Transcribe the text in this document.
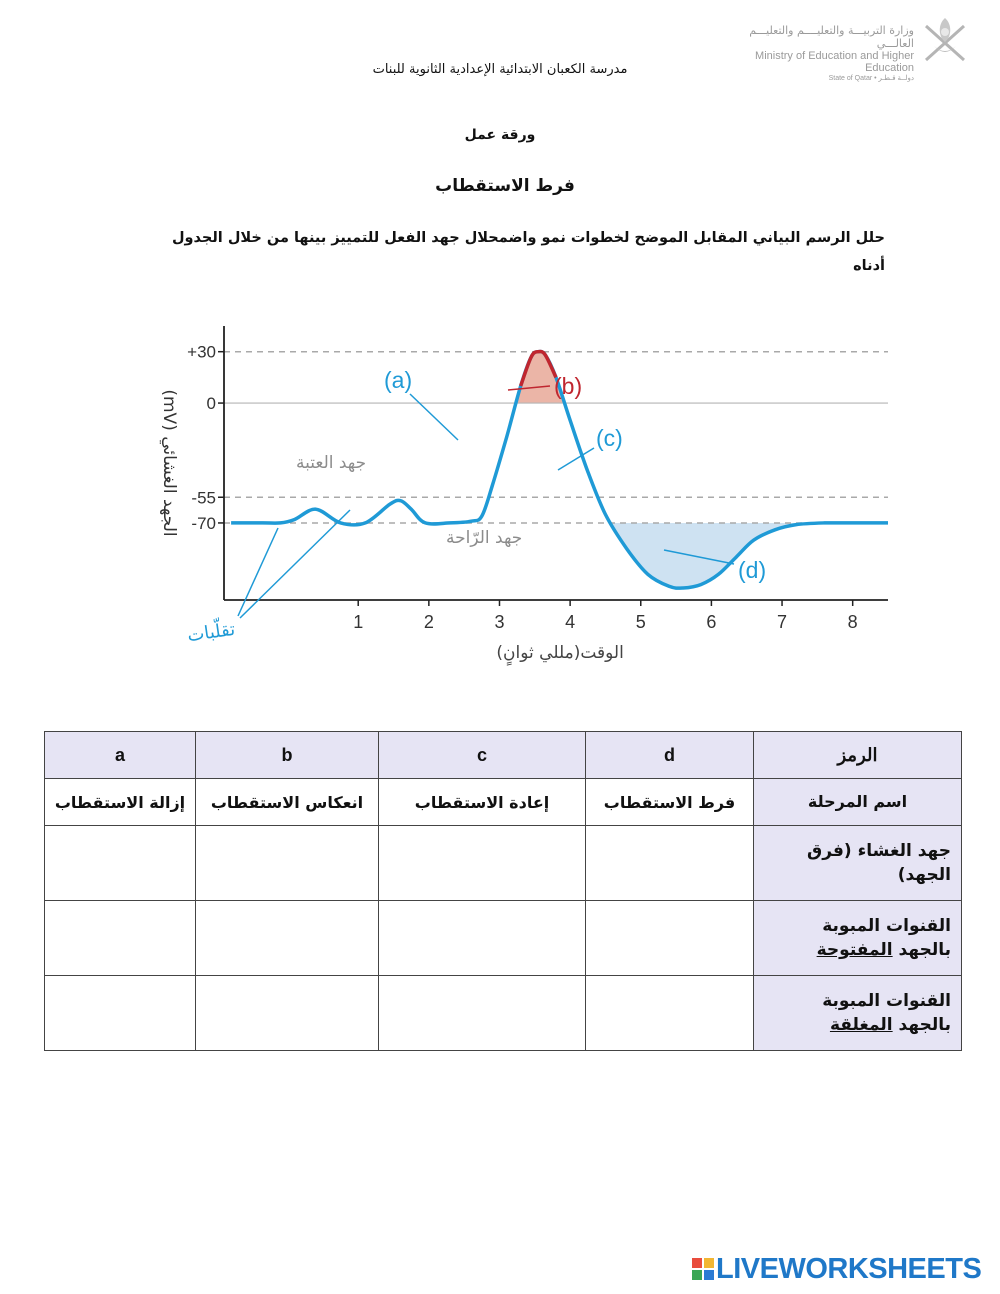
وزارة التربيـــة والتعليــــم والتعليـــم العالـــي
Ministry of Education and Higher Education
State of Qatar • دولــة قـطـر
مدرسة الكعبان الابتدائية الإعدادية الثانوية للبنات
ورقة عمل
فرط الاستقطاب
حلل الرسم البياني المقابل الموضح لخطوات نمو واضمحلال جهد الفعل للتمييز بينها من خلال الجدول أدناه
+30
0
-55
-70
1	2	3	4	5	6	7	8
الجهد الغشائي (mV)
الوقت(مللي ثوانٍ)
(a)	(b)
(c)
(d)
جهد العتبة
جهد الرّاحة
تقلّبات
a	b	c	d	الرمز
إزالة الاستقطاب	انعكاس الاستقطاب	إعادة الاستقطاب	فرط الاستقطاب	اسم المرحلة
				جهد الغشاء (فرق الجهد)
				القنوات المبوبة بالجهد المفتوحة
				القنوات المبوبة بالجهد المغلقة
LIVEWORKSHEETS
